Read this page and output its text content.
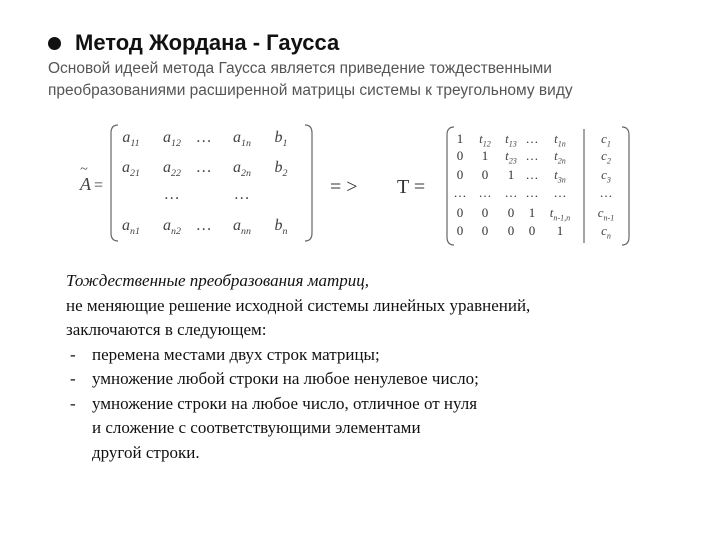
Метод Жордана - Гаусса
Основой идеей метода Гаусса является приведение тождественными
преобразованиями расширенной матрицы системы к треугольному виду
A
~
=
$a_{11}$ $a_{12}$ … $a_{1n}$ $b_1$
$a_{21}$ $a_{22}$ … $a_{2n}$ $b_2$
…	…
$a_{n1}$ $a_{n2}$ … $a_{nn}$ $b_n$
= > T =
1 $t_{12}$ $t_{13}$ … $t_{1n}$	$c_1$
0 1 $t_{23}$ … $t_{2n}$	$c_2$
0 0 1 … $t_{3n}$	$c_3$
… … … … …	…
0 0 0 1 $t_{n-1,n}$ $c_{n-1}$
0 0 0 0 1	$c_n$
Тождественные преобразования матриц,
не меняющие решение исходной системы линейных уравнений,
заключаются в следующем:
- перемена местами двух строк матрицы;
- умножение любой строки на любое ненулевое число;
- умножение строки на любое число, отличное от нуля
и сложение с соответствующими элементами
другой строки.
